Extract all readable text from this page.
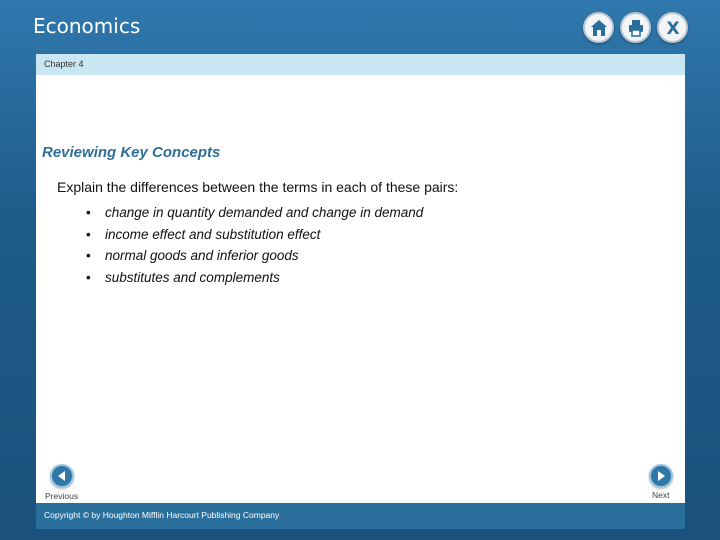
Economics	X
Chapter 4
Reviewing Key Concepts
Explain the differences between the terms in each of these pairs:
•	change in quantity demanded and change in demand
•	income effect and substitution effect
•	normal goods and inferior goods
•	substitutes and complements
Previous	Next
Copyright © by Houghton Mifflin Harcourt Publishing Company
